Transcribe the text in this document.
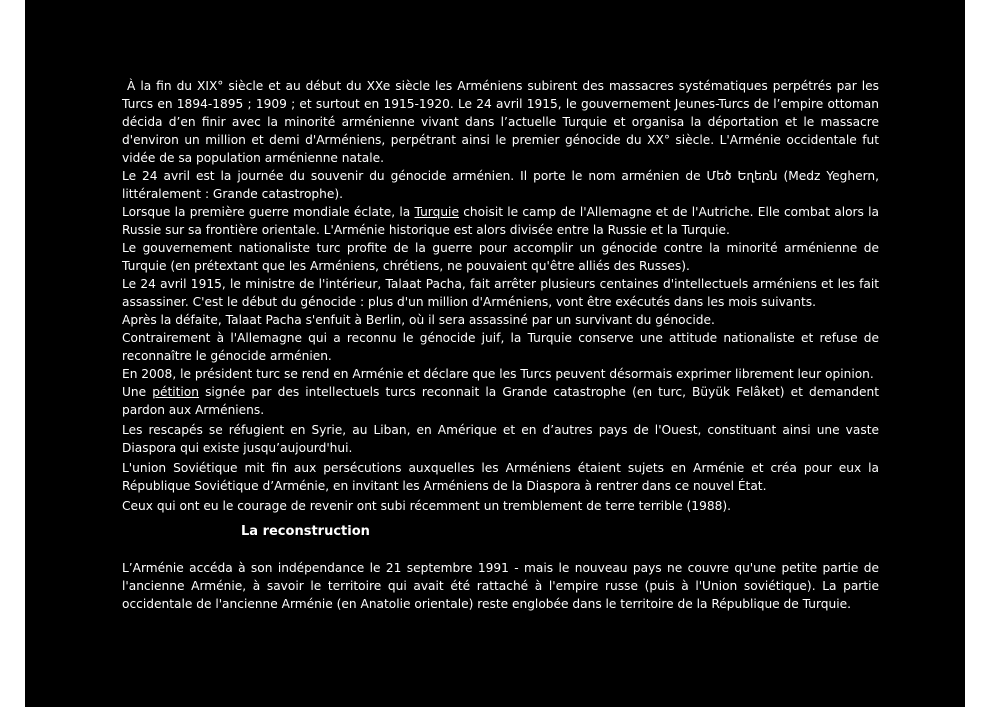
À la fin du XIX° siècle et au début du XXe siècle les Arméniens subirent des massacres systématiques perpétrés par les Turcs en 1894-1895 ; 1909 ; et surtout en 1915-1920. Le 24 avril 1915, le gouvernement Jeunes-Turcs de l’empire ottoman décida d’en finir avec la minorité arménienne vivant dans l’actuelle Turquie et organisa la déportation et le massacre d'environ un million et demi d'Arméniens, perpétrant ainsi le premier génocide du XX° siècle. L'Arménie occidentale fut vidée de sa population arménienne natale.

Le 24 avril est la journée du souvenir du génocide arménien. Il porte le nom arménien de Մեծ Եղեռն (Medz Yeghern, littéralement : Grande catastrophe).

Lorsque la première guerre mondiale éclate, la Turquie choisit le camp de l'Allemagne et de l'Autriche. Elle combat alors la Russie sur sa frontière orientale. L'Arménie historique est alors divisée entre la Russie et la Turquie.

Le gouvernement nationaliste turc profite de la guerre pour accomplir un génocide contre la minorité arménienne de Turquie (en prétextant que les Arméniens, chrétiens, ne pouvaient qu'être alliés des Russes).

Le 24 avril 1915, le ministre de l'intérieur, Talaat Pacha, fait arrêter plusieurs centaines d'intellectuels arméniens et les fait assassiner. C'est le début du génocide : plus d'un million d'Arméniens, vont être exécutés dans les mois suivants.

Après la défaite, Talaat Pacha s'enfuit à Berlin, où il sera assassiné par un survivant du génocide.

Contrairement à l'Allemagne qui a reconnu le génocide juif, la Turquie conserve une attitude nationaliste et refuse de reconnaître le génocide arménien.

En 2008, le président turc se rend en Arménie et déclare que les Turcs peuvent désormais exprimer librement leur opinion.

Une pétition signée par des intellectuels turcs reconnait la Grande catastrophe (en turc, Büyük Felâket) et demandent pardon aux Arméniens.

Les rescapés se réfugient en Syrie, au Liban, en Amérique et en d’autres pays de l'Ouest, constituant ainsi une vaste Diaspora qui existe jusqu’aujourd'hui.

L'union Soviétique mit fin aux persécutions auxquelles les Arméniens étaient sujets en Arménie et créa pour eux la République Soviétique d’Arménie, en invitant les Arméniens de la Diaspora à rentrer dans ce nouvel État.

Ceux qui ont eu le courage de revenir ont subi récemment un tremblement de terre terrible (1988).

La reconstruction

L’Arménie accéda à son indépendance le 21 septembre 1991 - mais le nouveau pays ne couvre qu'une petite partie de l'ancienne Arménie, à savoir le territoire qui avait été rattaché à l'empire russe (puis à l'Union soviétique). La partie occidentale de l'ancienne Arménie (en Anatolie orientale) reste englobée dans le territoire de la République de Turquie.
